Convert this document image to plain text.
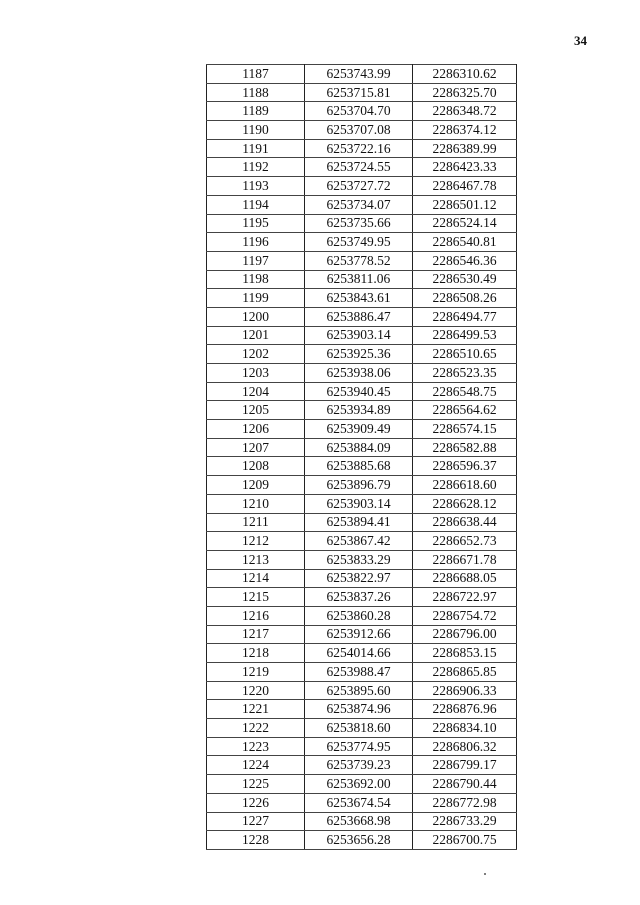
34
1187	6253743.99	2286310.62
1188	6253715.81	2286325.70
1189	6253704.70	2286348.72
1190	6253707.08	2286374.12
1191	6253722.16	2286389.99
1192	6253724.55	2286423.33
1193	6253727.72	2286467.78
1194	6253734.07	2286501.12
1195	6253735.66	2286524.14
1196	6253749.95	2286540.81
1197	6253778.52	2286546.36
1198	6253811.06	2286530.49
1199	6253843.61	2286508.26
1200	6253886.47	2286494.77
1201	6253903.14	2286499.53
1202	6253925.36	2286510.65
1203	6253938.06	2286523.35
1204	6253940.45	2286548.75
1205	6253934.89	2286564.62
1206	6253909.49	2286574.15
1207	6253884.09	2286582.88
1208	6253885.68	2286596.37
1209	6253896.79	2286618.60
1210	6253903.14	2286628.12
1211	6253894.41	2286638.44
1212	6253867.42	2286652.73
1213	6253833.29	2286671.78
1214	6253822.97	2286688.05
1215	6253837.26	2286722.97
1216	6253860.28	2286754.72
1217	6253912.66	2286796.00
1218	6254014.66	2286853.15
1219	6253988.47	2286865.85
1220	6253895.60	2286906.33
1221	6253874.96	2286876.96
1222	6253818.60	2286834.10
1223	6253774.95	2286806.32
1224	6253739.23	2286799.17
1225	6253692.00	2286790.44
1226	6253674.54	2286772.98
1227	6253668.98	2286733.29
1228	6253656.28	2286700.75
